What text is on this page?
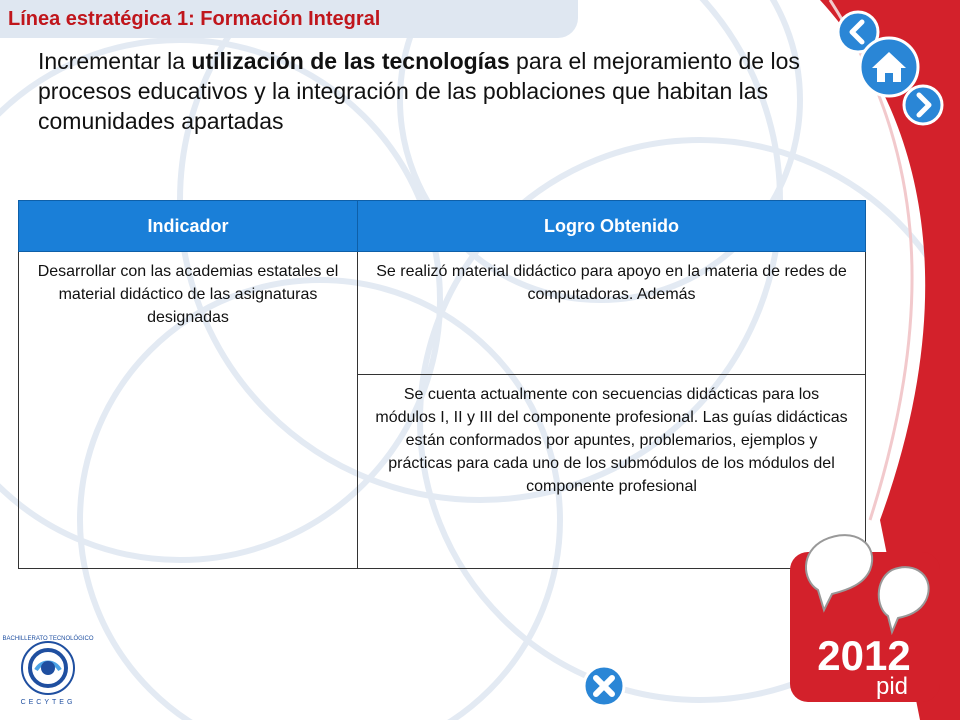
Línea estratégica 1: Formación Integral
Incrementar la utilización de las tecnologías para el mejoramiento de los procesos educativos y la integración de las poblaciones que habitan las comunidades apartadas
Indicador	Logro Obtenido
Desarrollar con las academias estatales el material didáctico de las asignaturas designadas	Se realizó material didáctico para apoyo en la materia de redes de computadoras. Además
	Se cuenta actualmente con secuencias didácticas para los módulos I, II y III del componente profesional. Las guías didácticas están conformados por apuntes, problemarios, ejemplos y prácticas para cada uno de los submódulos de los módulos del componente profesional
BACHILLERATO TECNOLÓGICO
CECYTEG
2012
pid
